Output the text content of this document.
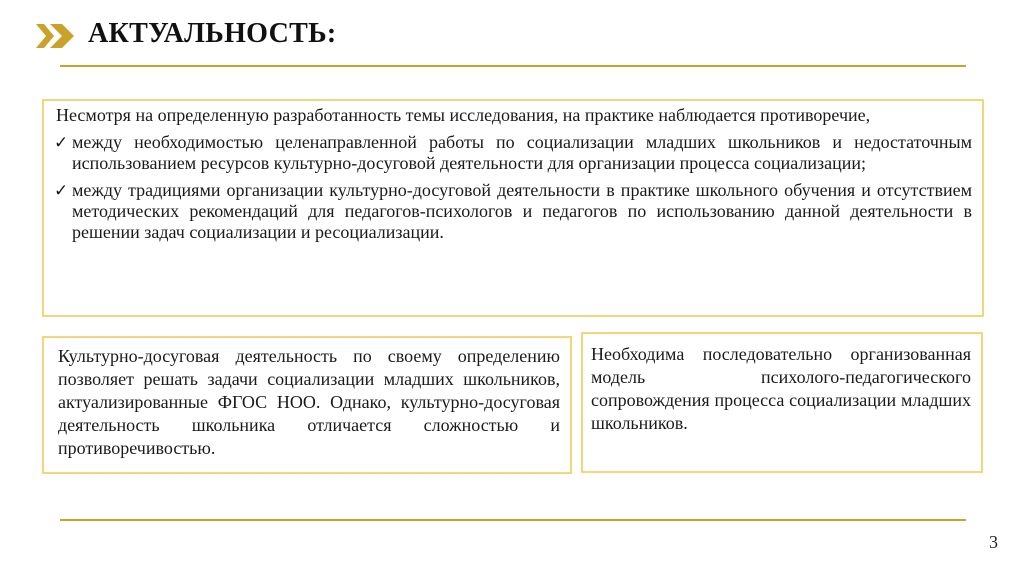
АКТУАЛЬНОСТЬ:

Несмотря на определенную разработанность темы исследования, на практике наблюдается противоречие,

✓ между необходимостью целенаправленной работы по социализации младших школьников и недостаточным использованием ресурсов культурно-досуговой деятельности для организации процесса социализации;
✓ между традициями организации культурно-досуговой деятельности в практике школьного обучения и отсутствием методических рекомендаций для педагогов-психологов и педагогов по использованию данной деятельности в решении задач социализации и ресоциализации.

Культурно-досуговая деятельность по своему определению позволяет решать задачи социализации младших школьников, актуализированные ФГОС НОО. Однако, культурно-досуговая деятельность школьника отличается сложностью и противоречивостью.

Необходима последовательно организованная модель психолого-педагогического сопровождения процесса социализации младших школьников.

3
